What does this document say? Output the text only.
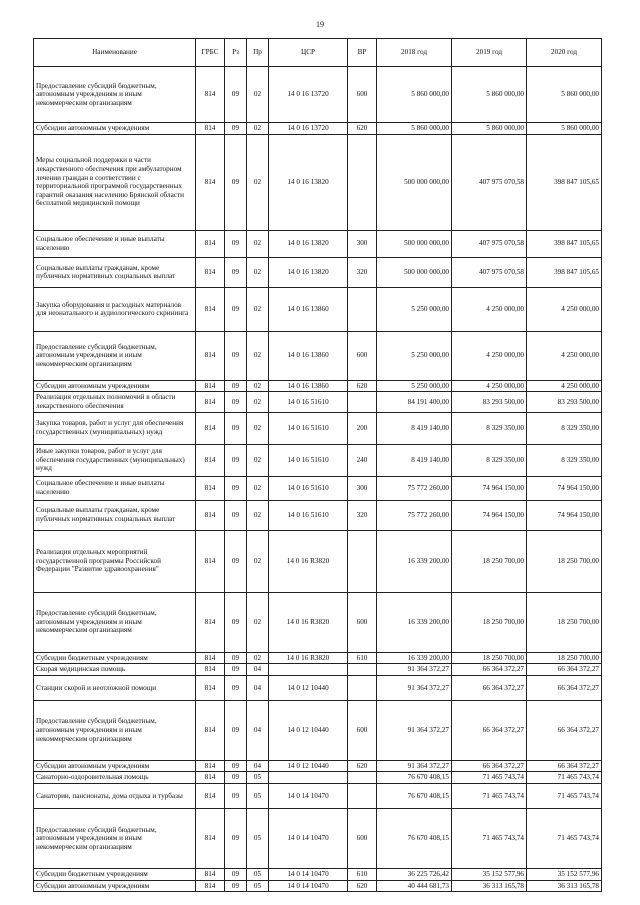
19
Наименование	ГРБС	Рз	Пр	ЦСР	ВР	2018 год	2019 год	2020 год
Предоставление субсидий бюджетным, автономным учреждениям и иным некоммерческим организациям	814	09	02	14 0 16 13720	600	5 860 000,00	5 860 000,00	5 860 000,00
Субсидии автономным учреждениям	814	09	02	14 0 16 13720	620	5 860 000,00	5 860 000,00	5 860 000,00
Меры социальной поддержки в части лекарственного обеспечения при амбулаторном лечении граждан в соответствии с территориальной программой государственных гарантий оказания населению Брянской области бесплатной медицинской помощи	814	09	02	14 0 16 13820		500 000 000,00	407 975 070,58	398 847 105,65
Социальное обеспечение и иные выплаты населению	814	09	02	14 0 16 13820	300	500 000 000,00	407 975 070,58	398 847 105,65
Социальные выплаты гражданам, кроме публичных нормативных социальных выплат	814	09	02	14 0 16 13820	320	500 000 000,00	407 975 070,58	398 847 105,65
Закупка оборудования и расходных материалов для неонатального и аудиологического скрининга	814	09	02	14 0 16 13860		5 250 000,00	4 250 000,00	4 250 000,00
Предоставление субсидий бюджетным, автономным учреждениям и иным некоммерческим организациям	814	09	02	14 0 16 13860	600	5 250 000,00	4 250 000,00	4 250 000,00
Субсидии автономным учреждениям	814	09	02	14 0 16 13860	620	5 250 000,00	4 250 000,00	4 250 000,00
Реализация отдельных полномочий в области лекарственного обеспечения	814	09	02	14 0 16 51610		84 191 400,00	83 293 500,00	83 293 500,00
Закупка товаров, работ и услуг для обеспечения государственных (муниципальных) нужд	814	09	02	14 0 16 51610	200	8 419 140,00	8 329 350,00	8 329 350,00
Иные закупки товаров, работ и услуг для обеспечения государственных (муниципальных) нужд	814	09	02	14 0 16 51610	240	8 419 140,00	8 329 350,00	8 329 350,00
Социальное обеспечение и иные выплаты населению	814	09	02	14 0 16 51610	300	75 772 260,00	74 964 150,00	74 964 150,00
Социальные выплаты гражданам, кроме публичных нормативных социальных выплат	814	09	02	14 0 16 51610	320	75 772 260,00	74 964 150,00	74 964 150,00
Реализация отдельных мероприятий государственной программы Российской Федерации "Развитие здравоохранения"	814	09	02	14 0 16 R3820		16 339 200,00	18 250 700,00	18 250 700,00
Предоставление субсидий бюджетным, автономным учреждениям и иным некоммерческим организациям	814	09	02	14 0 16 R3820	600	16 339 200,00	18 250 700,00	18 250 700,00
Субсидии бюджетным учреждениям	814	09	02	14 0 16 R3820	610	16 339 200,00	18 250 700,00	18 250 700,00
Скорая медицинская помощь	814	09	04			91 364 372,27	66 364 372,27	66 364 372,27
Станции скорой и неотложной помощи	814	09	04	14 0 12 10440		91 364 372,27	66 364 372,27	66 364 372,27
Предоставление субсидий бюджетным, автономным учреждениям и иным некоммерческим организациям	814	09	04	14 0 12 10440	600	91 364 372,27	66 364 372,27	66 364 372,27
Субсидии автономным учреждениям	814	09	04	14 0 12 10440	620	91 364 372,27	66 364 372,27	66 364 372,27
Санаторно-оздоровительная помощь	814	09	05			76 670 408,15	71 465 743,74	71 465 743,74
Санатории, пансионаты, дома отдыха и турбазы	814	09	05	14 0 14 10470		76 670 408,15	71 465 743,74	71 465 743,74
Предоставление субсидий бюджетным, автономным учреждениям и иным некоммерческим организациям	814	09	05	14 0 14 10470	600	76 670 408,15	71 465 743,74	71 465 743,74
Субсидии бюджетным учреждениям	814	09	05	14 0 14 10470	610	36 225 726,42	35 152 577,96	35 152 577,96
Субсидии автономным учреждениям	814	09	05	14 0 14 10470	620	40 444 681,73	36 313 165,78	36 313 165,78
